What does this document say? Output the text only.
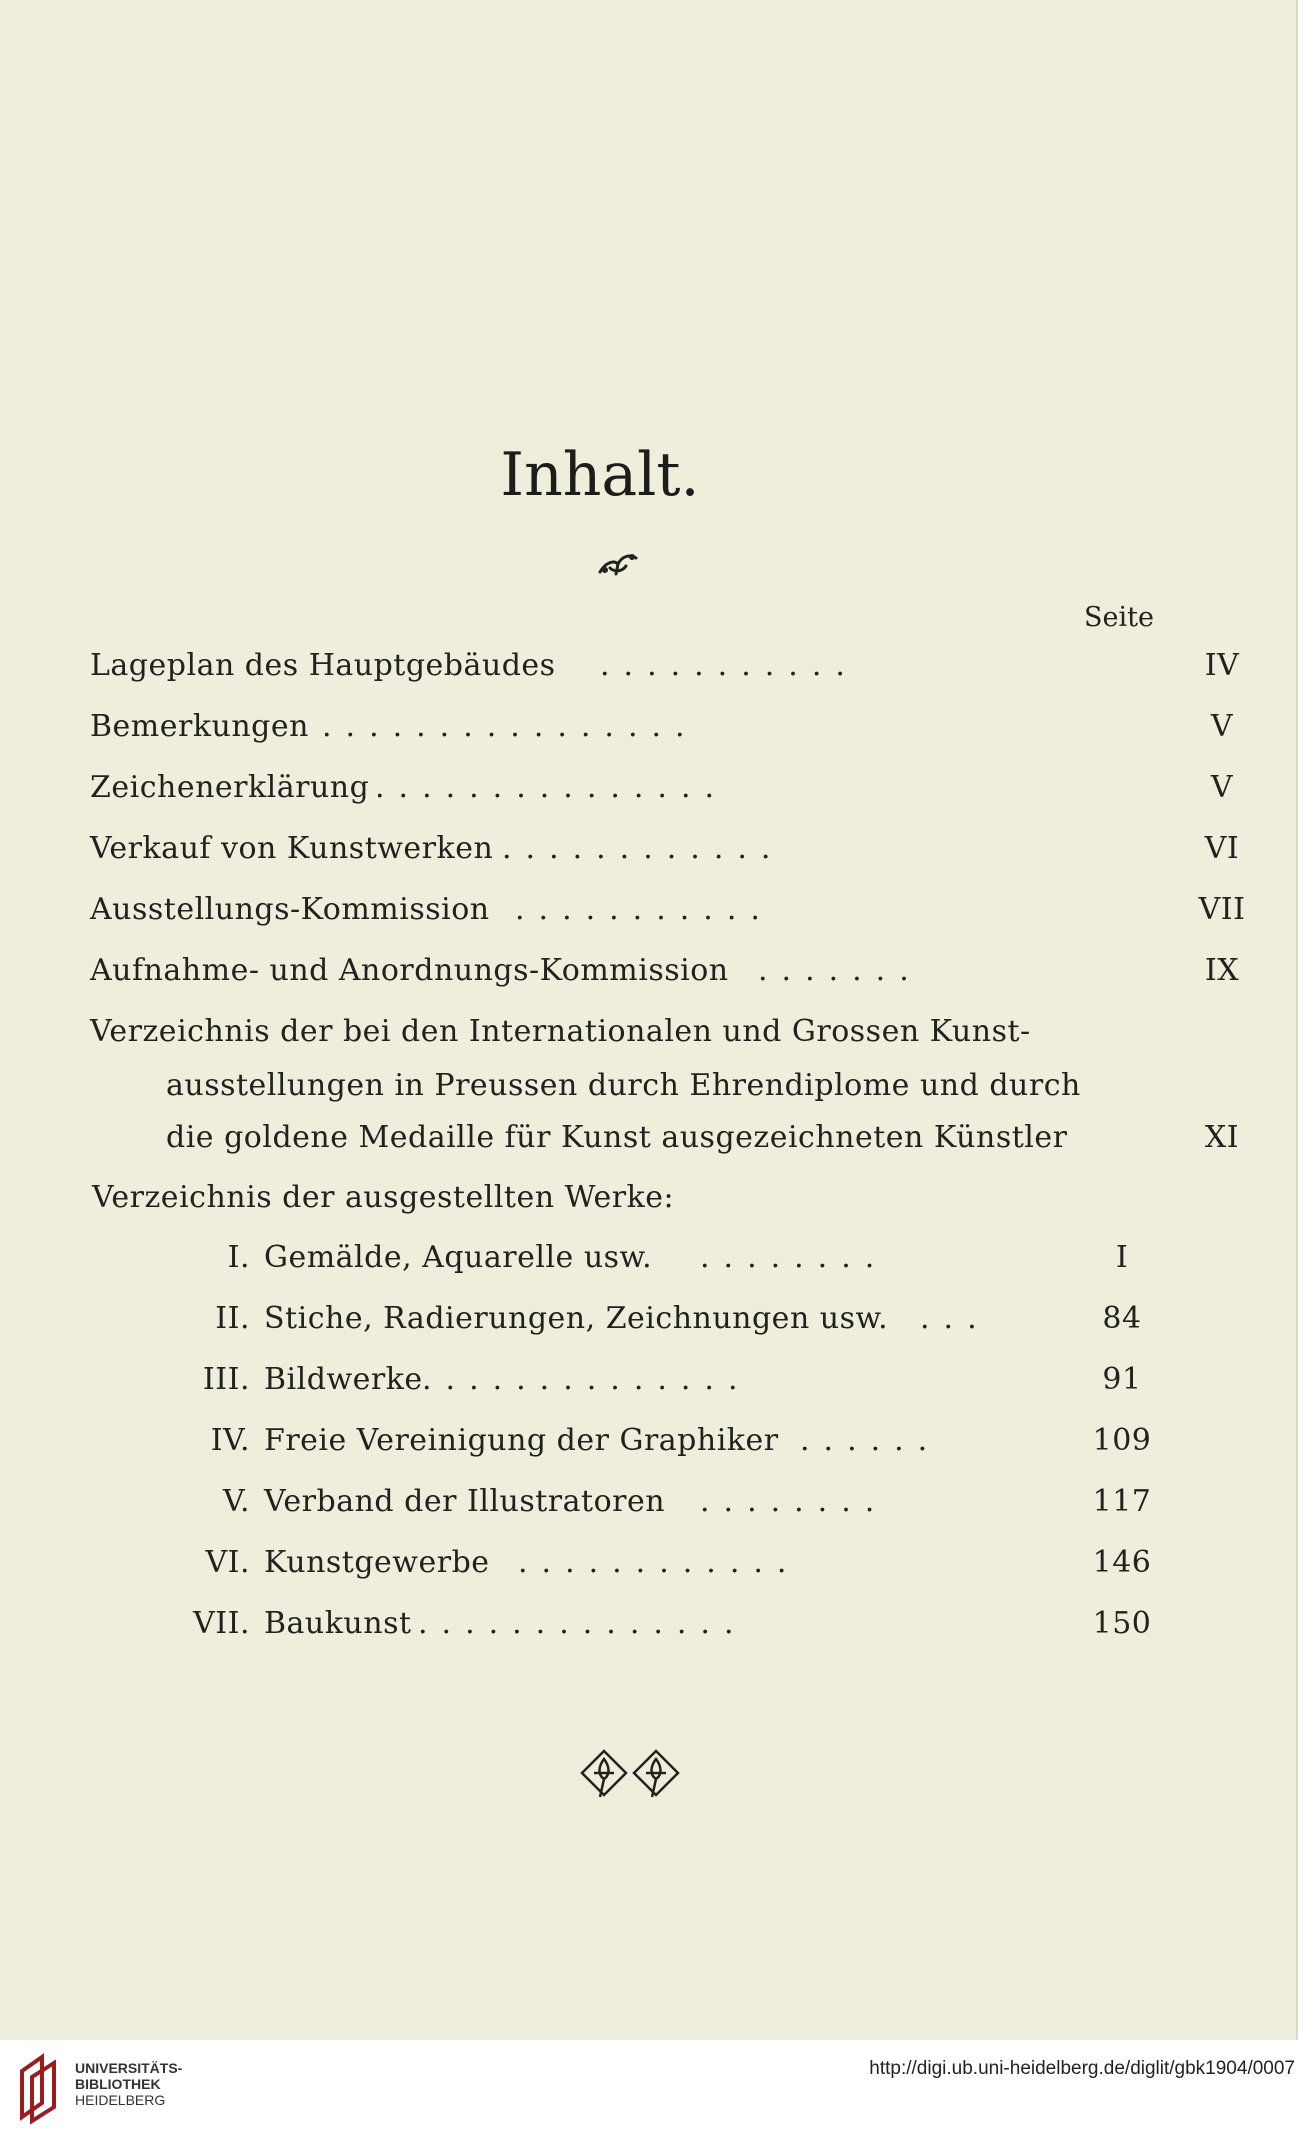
Inhalt.
Seite
Lageplan des Hauptgebäudes ...........	IV
Bemerkungen ................	V
Zeichenerklärung ...............	V
Verkauf von Kunstwerken ............	VI
Ausstellungs-Kommission ...........	VII
Aufnahme- und Anordnungs-Kommission .......	IX
Verzeichnis der bei den Internationalen und Grossen Kunst-
ausstellungen in Preussen durch Ehrendiplome und durch
die goldene Medaille für Kunst ausgezeichneten Künstler	XI
Verzeichnis der ausgestellten Werke:
I. Gemälde, Aquarelle usw. ........	I
II. Stiche, Radierungen, Zeichnungen usw. ...	84
III. Bildwerke ..............	91
IV. Freie Vereinigung der Graphiker ......	109
V. Verband der Illustratoren ........	117
VI. Kunstgewerbe ............	146
VII. Baukunst ..............	150
UNIVERSITÄTS-
BIBLIOTHEK
HEIDELBERG
http://digi.ub.uni-heidelberg.de/diglit/gbk1904/0007
